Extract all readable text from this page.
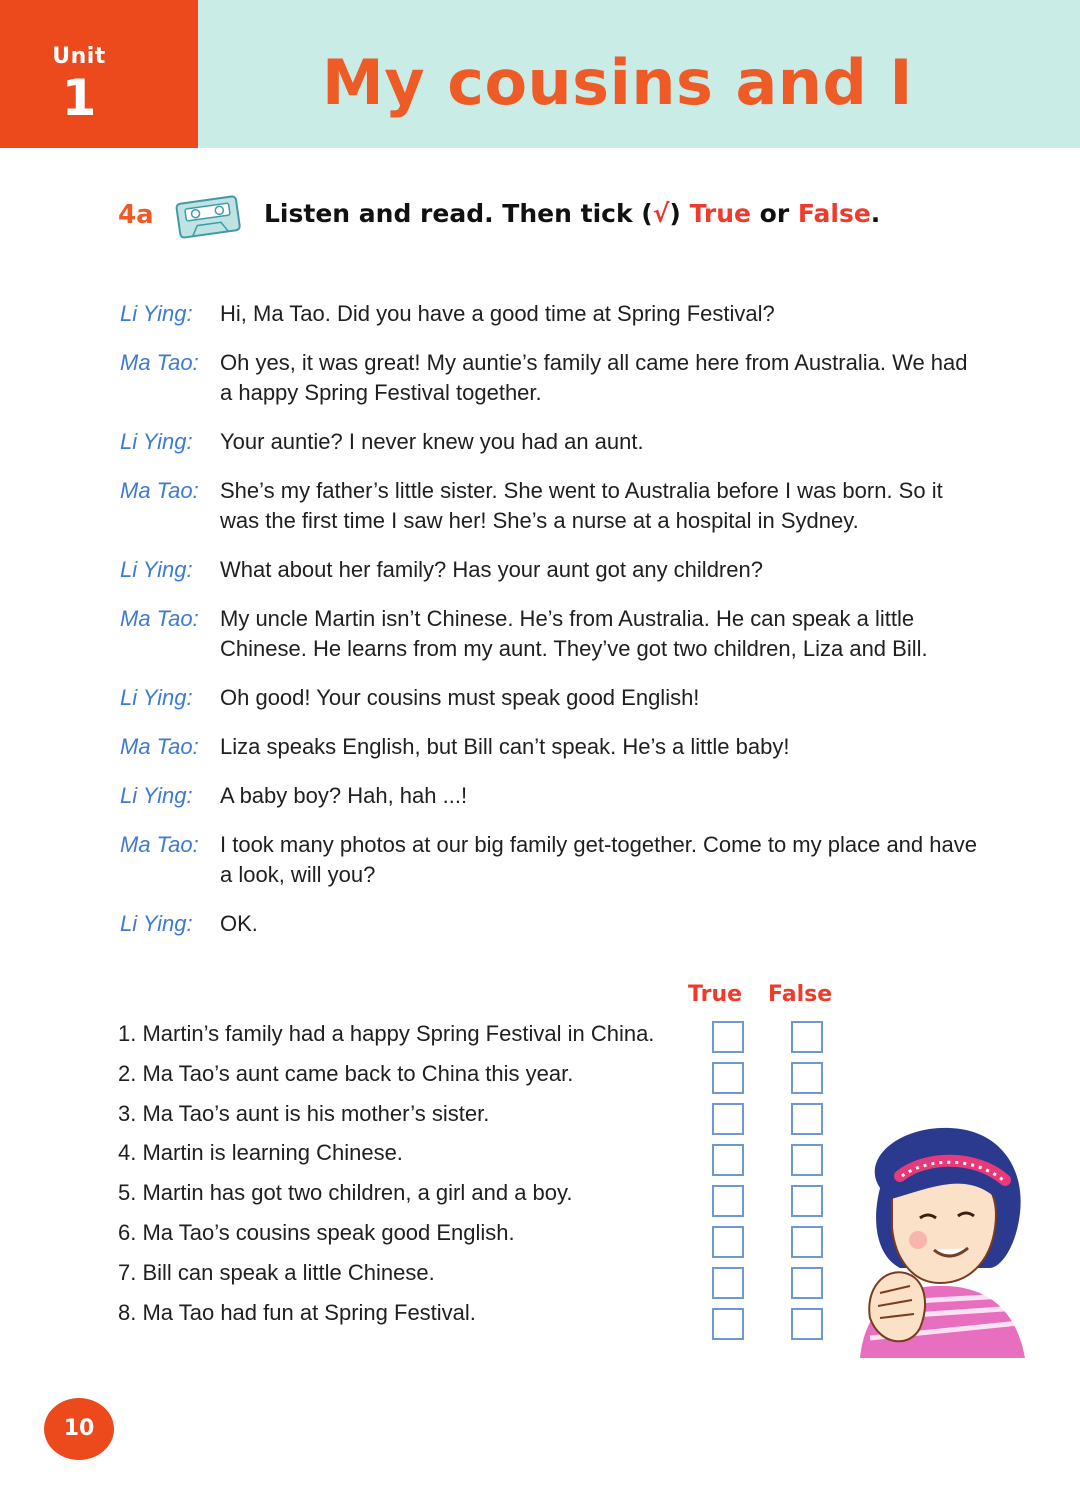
Unit
1	My cousins and I
4a	Listen and read. Then tick (√) True or False.
Li Ying:	Hi, Ma Tao. Did you have a good time at Spring Festival?
Ma Tao: Oh yes, it was great! My auntie’s family all came here from Australia. We had a happy Spring Festival together.
Li Ying:	Your auntie? I never knew you had an aunt.
Ma Tao: She’s my father’s little sister. She went to Australia before I was born. So it was the first time I saw her! She’s a nurse at a hospital in Sydney.
Li Ying:	What about her family? Has your aunt got any children?
Ma Tao: My uncle Martin isn’t Chinese. He’s from Australia. He can speak a little Chinese. He learns from my aunt. They’ve got two children, Liza and Bill.
Li Ying:	Oh good! Your cousins must speak good English!
Ma Tao: Liza speaks English, but Bill can’t speak. He’s a little baby!
Li Ying:	A baby boy? Hah, hah ...!
Ma Tao: I took many photos at our big family get-together. Come to my place and have a look, will you?
Li Ying:	OK.
True False
1. Martin’s family had a happy Spring Festival in China.
2. Ma Tao’s aunt came back to China this year.
3. Ma Tao’s aunt is his mother’s sister.
4. Martin is learning Chinese.
5. Martin has got two children, a girl and a boy.
6. Ma Tao’s cousins speak good English.
7. Bill can speak a little Chinese.
8. Ma Tao had fun at Spring Festival.
10
